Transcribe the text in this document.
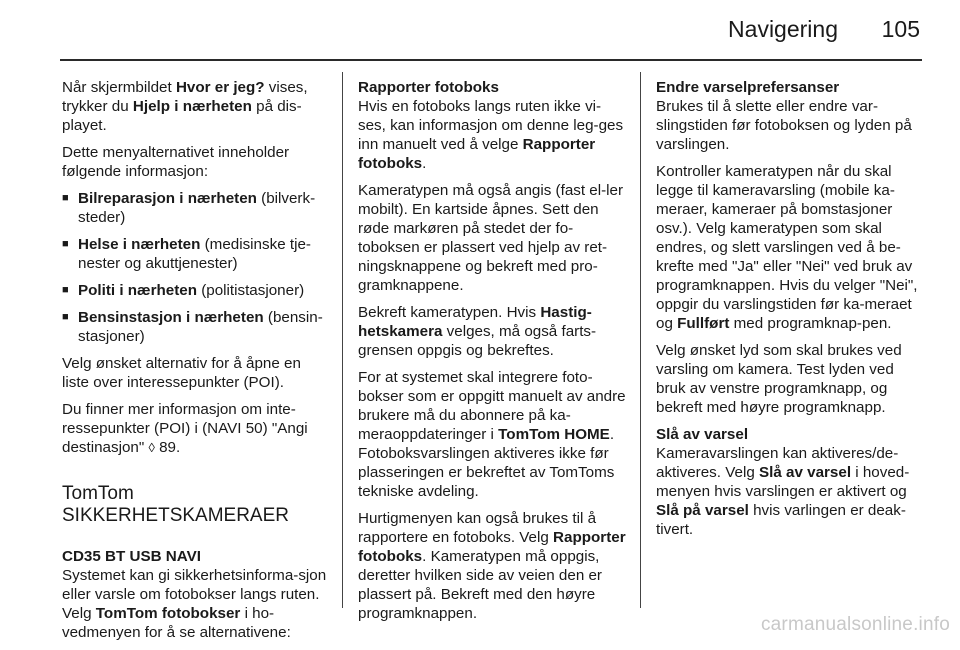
Navigering	105

Når skjermbildet Hvor er jeg? vises, trykker du Hjelp i nærheten på dis-playet.

Dette menyalternativet inneholder følgende informasjon:

■ Bilreparasjon i nærheten (bilverk-steder)
■ Helse i nærheten (medisinske tje-nester og akuttjenester)
■ Politi i nærheten (politistasjoner)
■ Bensinstasjon i nærheten (bensin-stasjoner)

Velg ønsket alternativ for å åpne en liste over interessepunkter (POI).

Du finner mer informasjon om inte-ressepunkter (POI) i (NAVI 50) "Angi destinasjon" ◊ 89.

TomTom
SIKKERHETSKAMERAER
CD35 BT USB NAVI

Systemet kan gi sikkerhetsinforma-sjon eller varsle om fotobokser langs ruten. Velg TomTom fotobokser i ho-vedmenyen for å se alternativene:

Rapporter fotoboks

Hvis en fotoboks langs ruten ikke vi-ses, kan informasjon om denne leg-ges inn manuelt ved å velge Rapporter fotoboks.

Kameratypen må også angis (fast el-ler mobilt). En kartside åpnes. Sett den røde markøren på stedet der fo-toboksen er plassert ved hjelp av ret-ningsknappene og bekreft med pro-gramknappene.

Bekreft kameratypen. Hvis Hastig-hetskamera velges, må også farts-grensen oppgis og bekreftes.

For at systemet skal integrere foto-bokser som er oppgitt manuelt av andre brukere må du abonnere på ka-meraoppdateringer i TomTom HOME. Fotoboksvarslingen aktiveres ikke før plasseringen er bekreftet av TomToms tekniske avdeling.

Hurtigmenyen kan også brukes til å rapportere en fotoboks. Velg Rapporter fotoboks. Kameratypen må oppgis, deretter hvilken side av veien den er plassert på. Bekreft med den høyre programknappen.

Endre varselprefersanser

Brukes til å slette eller endre var-slingstiden før fotoboksen og lyden på varslingen.

Kontroller kameratypen når du skal legge til kameravarsling (mobile ka-meraer, kameraer på bomstasjoner osv.). Velg kameratypen som skal endres, og slett varslingen ved å be-krefte med "Ja" eller "Nei" ved bruk av programknappen. Hvis du velger "Nei", oppgir du varslingstiden før ka-meraet og Fullført med programknap-pen.

Velg ønsket lyd som skal brukes ved varsling om kamera. Test lyden ved bruk av venstre programknapp, og bekreft med høyre programknapp.

Slå av varsel

Kameravarslingen kan aktiveres/de-aktiveres. Velg Slå av varsel i hoved-menyen hvis varslingen er aktivert og Slå på varsel hvis varlingen er deak-tivert.

carmanualsonline.info
